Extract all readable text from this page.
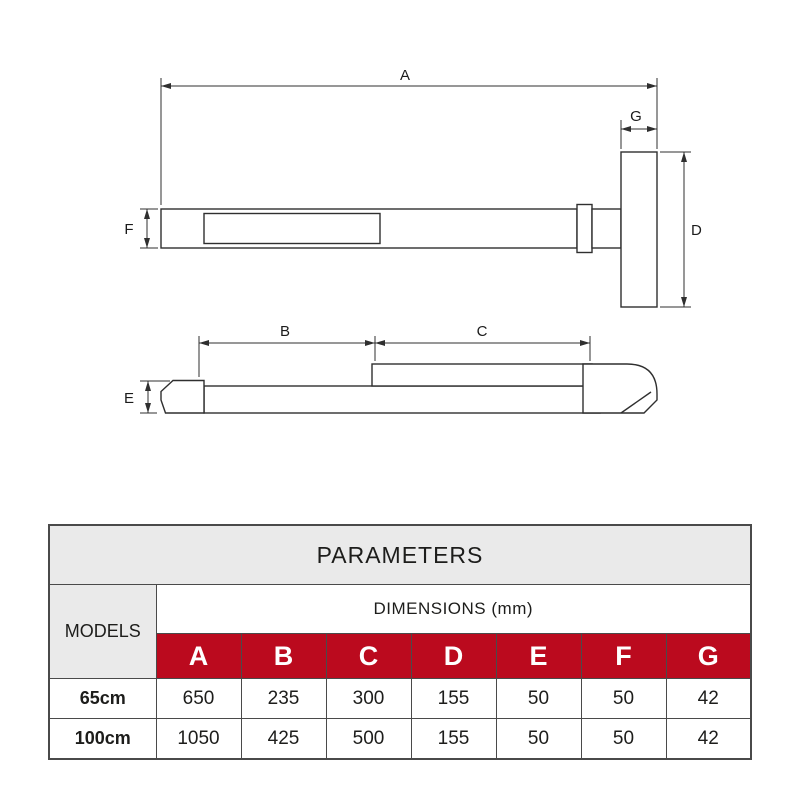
A
G
D
F
B	C
E
PARAMETERS							
MODELS	DIMENSIONS (mm)						
	A	B	C	D	E	F	G
65cm	650	235	300	155	50	50	42
100cm	1050	425	500	155	50	50	42
